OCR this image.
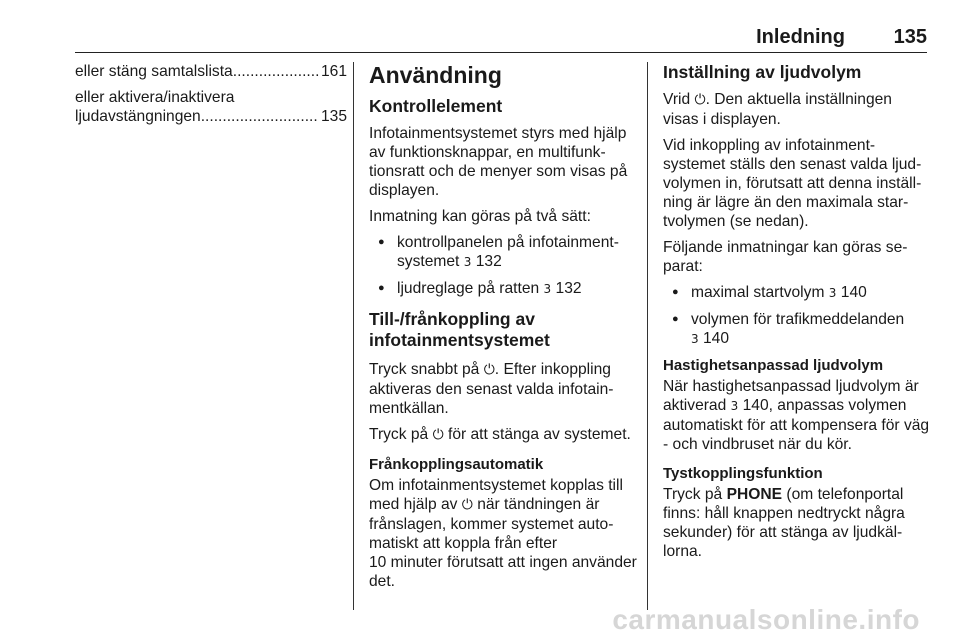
Inledning 135
eller stäng samtalslista .....	161
eller aktivera/inaktivera
ljudavstängningen .....	135
Användning
Kontrollelement

Infotainmentsystemet styrs med hjälp av funktionsknappar, en multifunktionsratt och de menyer som visas på displayen.

Inmatning kan göras på två sätt:

● kontrollpanelen på infotainmentsystemet 3 132
● ljudreglage på ratten 3 132
Till-/frånkoppling av infotainmentsystemet

Tryck snabbt på ⏻. Efter inkoppling aktiveras den senast valda infotainmentkällan.

Tryck på ⏻ för att stänga av systemet.

Frånkopplingsautomatik

Om infotainmentsystemet kopplas till med hjälp av ⏻ när tändningen är frånslagen, kommer systemet automatiskt att koppla från efter
10 minuter förutsatt att ingen använder det.

Inställning av ljudvolym

Vrid ⏻. Den aktuella inställningen visas i displayen.

Vid inkoppling av infotainmentsystemet ställs den senast valda ljudvolymen in, förutsatt att denna inställning är lägre än den maximala startvolymen (se nedan).

Följande inmatningar kan göras separat:

● maximal startvolym 3 140
● volymen för trafikmeddelanden
3 140
Hastighetsanpassad ljudvolym

När hastighetsanpassad ljudvolym är aktiverad 3 140, anpassas volymen automatiskt för att kompensera för väg - och vindbruset när du kör.

Tystkopplingsfunktion

Tryck på PHONE (om telefonportal finns: håll knappen nedtryckt några sekunder) för att stänga av ljudkällorna.

carmanualsonline.info
